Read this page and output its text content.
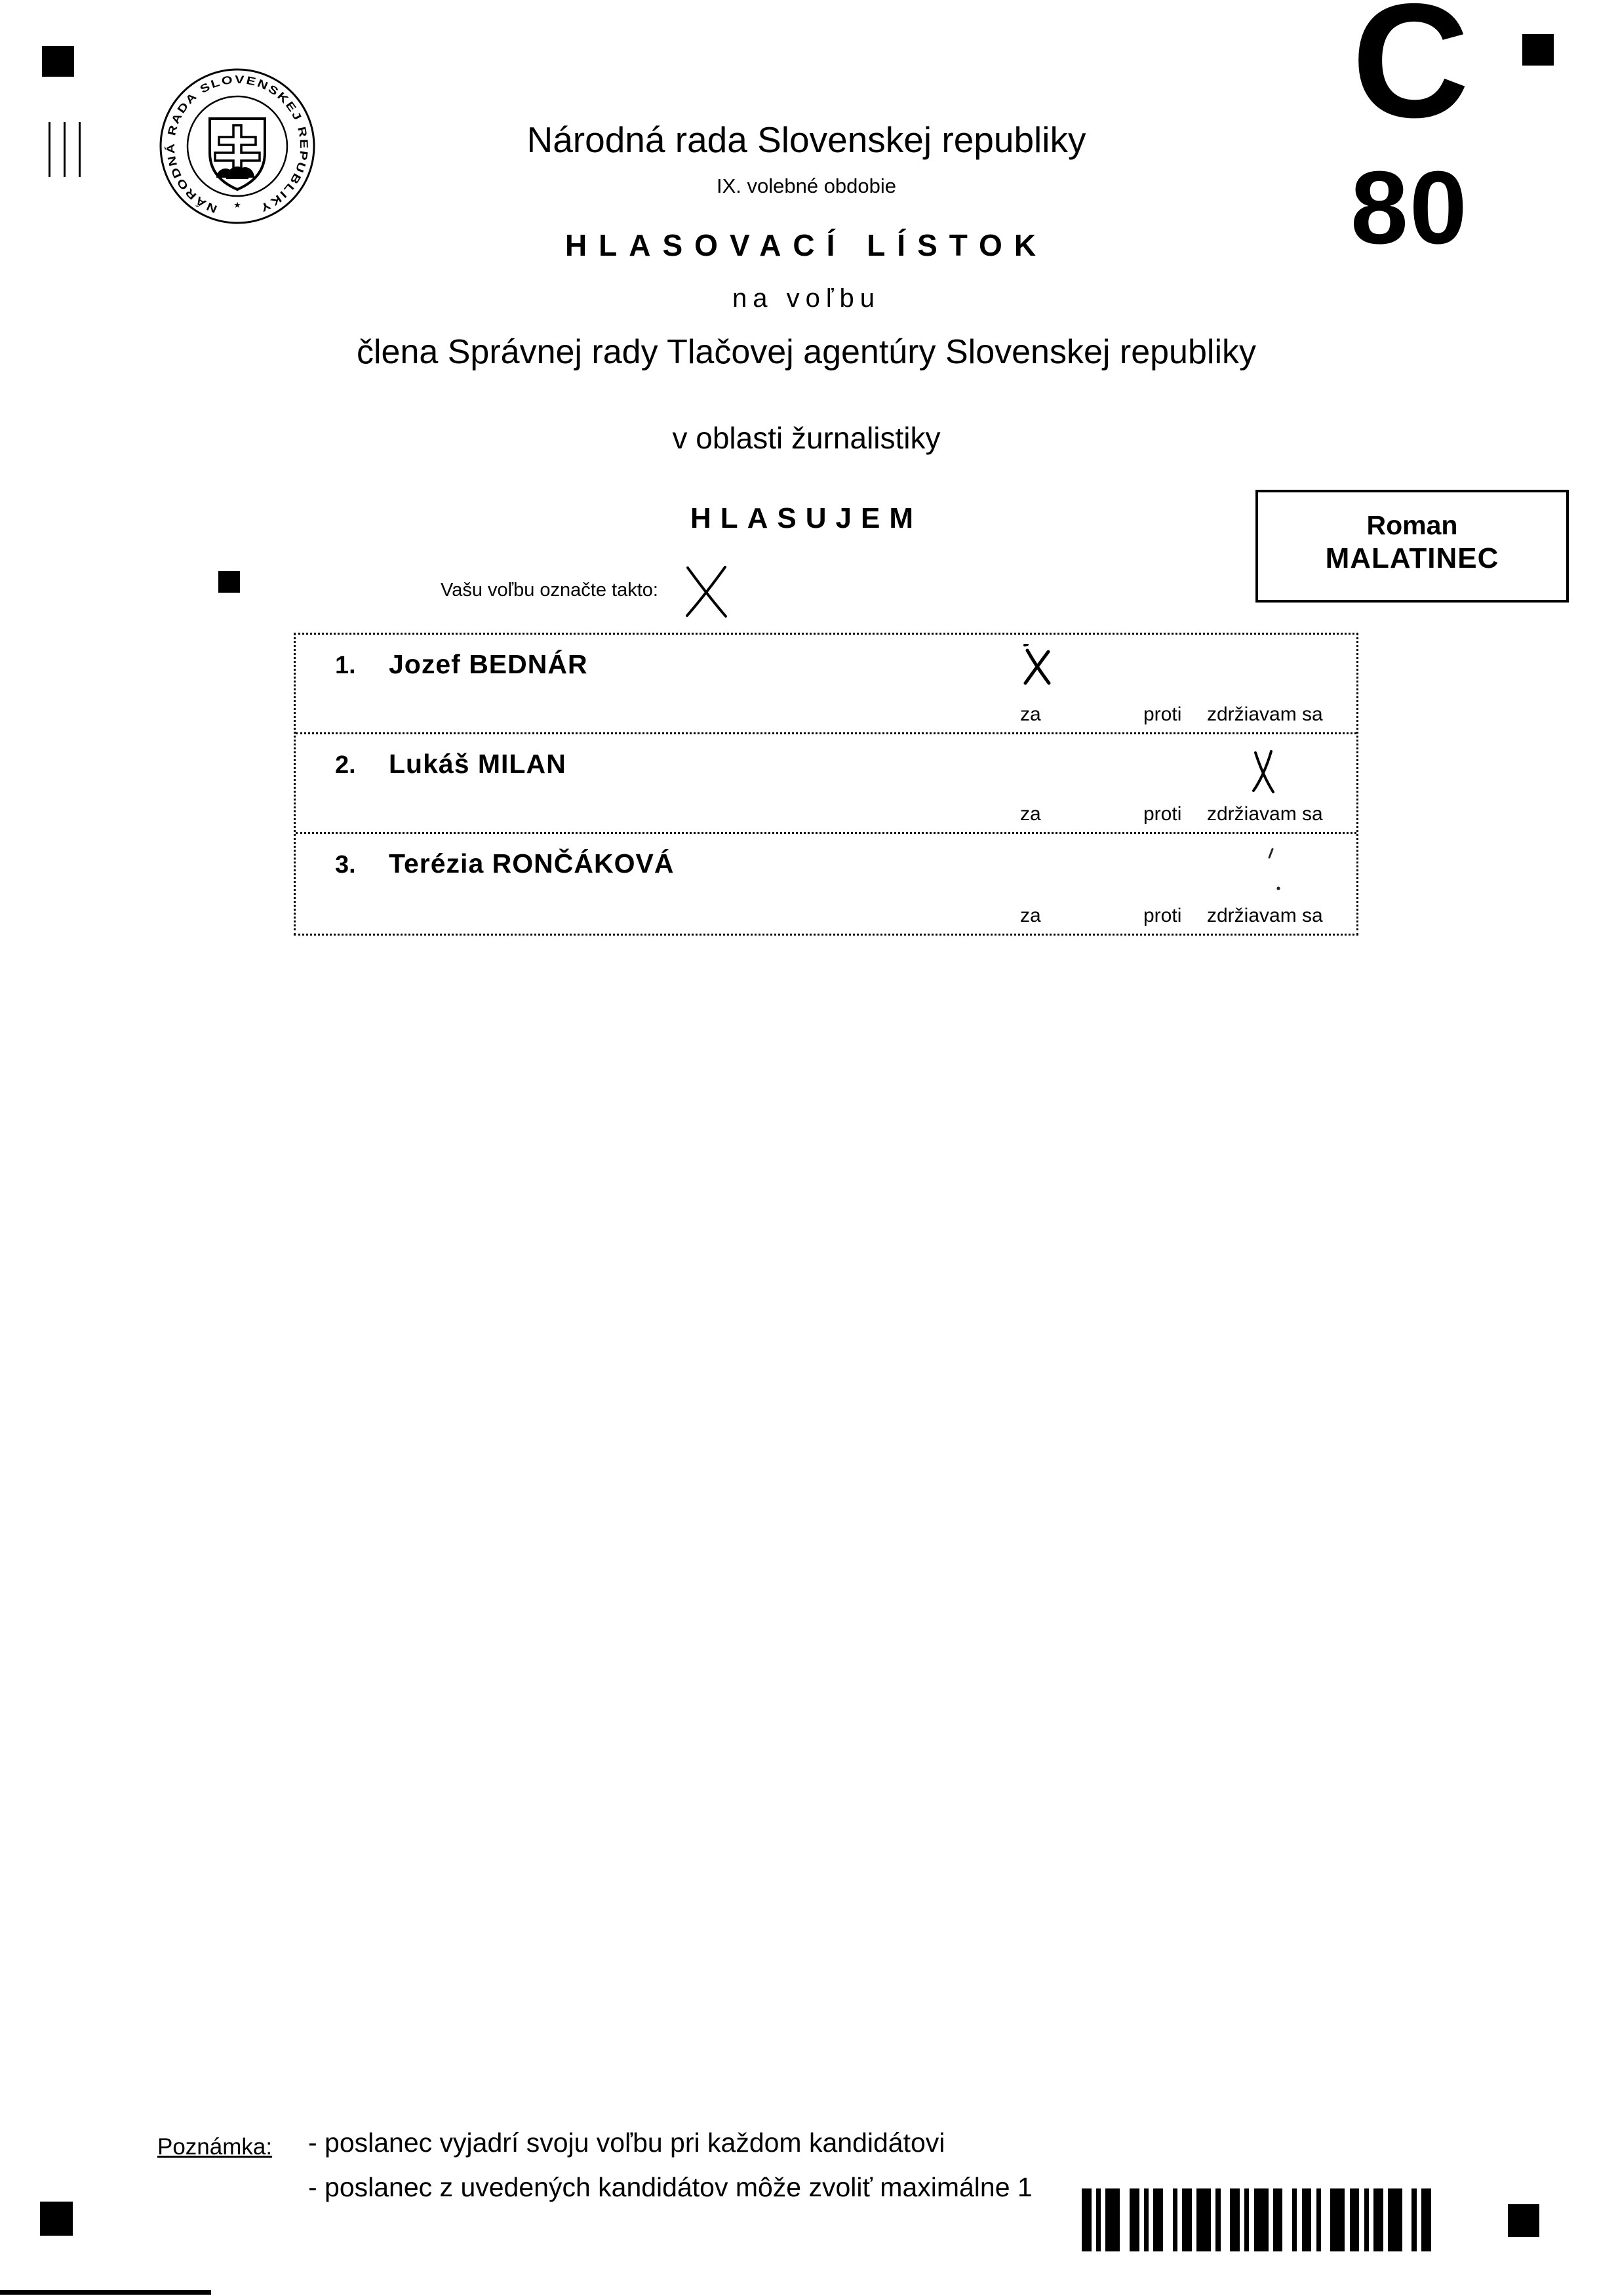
NÁRODNÁ RADA SLOVENSKEJ REPUBLIKY
★
C
80
Národná rada Slovenskej republiky
IX. volebné obdobie
HLASOVACÍ LÍSTOK
na voľbu
člena Správnej rady Tlačovej agentúry Slovenskej republiky
v oblasti žurnalistiky
HLASUJEM	Roman
MALATINEC
Vašu voľbu označte takto:
1. Jozef BEDNÁR
za	proti zdržiavam sa
2. Lukáš MILAN
za	proti zdržiavam sa
3. Terézia RONČÁKOVÁ
za	proti zdržiavam sa
Poznámka: - poslanec vyjadrí svoju voľbu pri každom kandidátovi
- poslanec z uvedených kandidátov môže zvoliť maximálne 1
